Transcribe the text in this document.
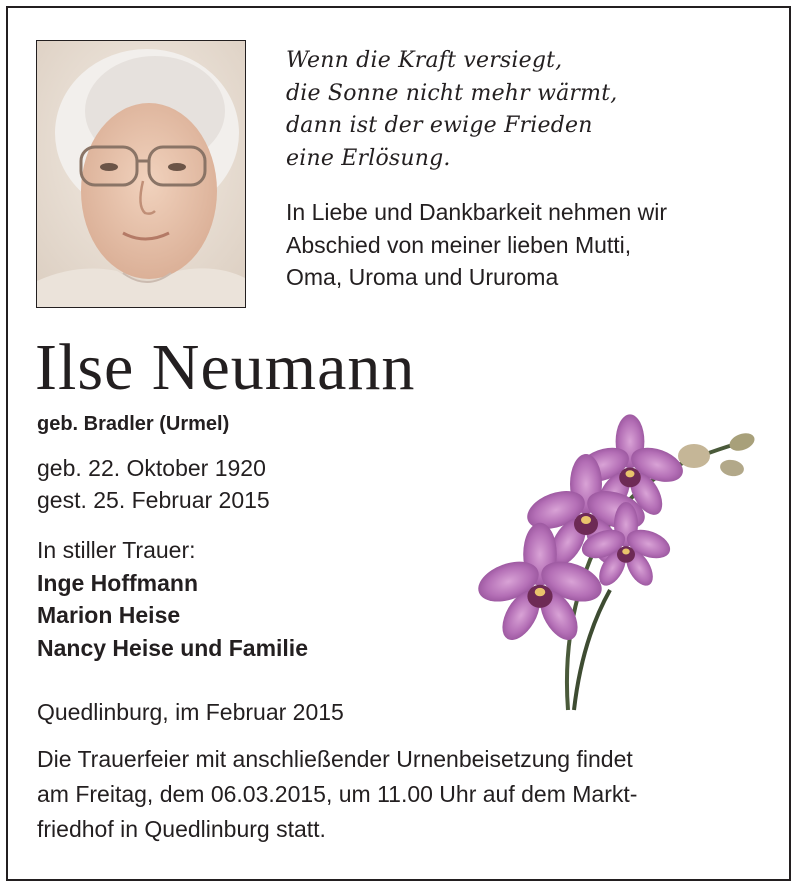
Wenn die Kraft versiegt,
die Sonne nicht mehr wärmt,
dann ist der ewige Frieden
eine Erlösung.
In Liebe und Dankbarkeit nehmen wir
Abschied von meiner lieben Mutti,
Oma, Uroma und Ururoma
Ilse Neumann
geb. Bradler (Urmel)
geb. 22. Oktober 1920
gest. 25. Februar 2015
In stiller Trauer:
Inge Hoffmann
Marion Heise
Nancy Heise und Familie
Quedlinburg, im Februar 2015
Die Trauerfeier mit anschließender Urnenbeisetzung findet
am Freitag, dem 06.03.2015, um 11.00 Uhr auf dem Markt-
friedhof in Quedlinburg statt.
